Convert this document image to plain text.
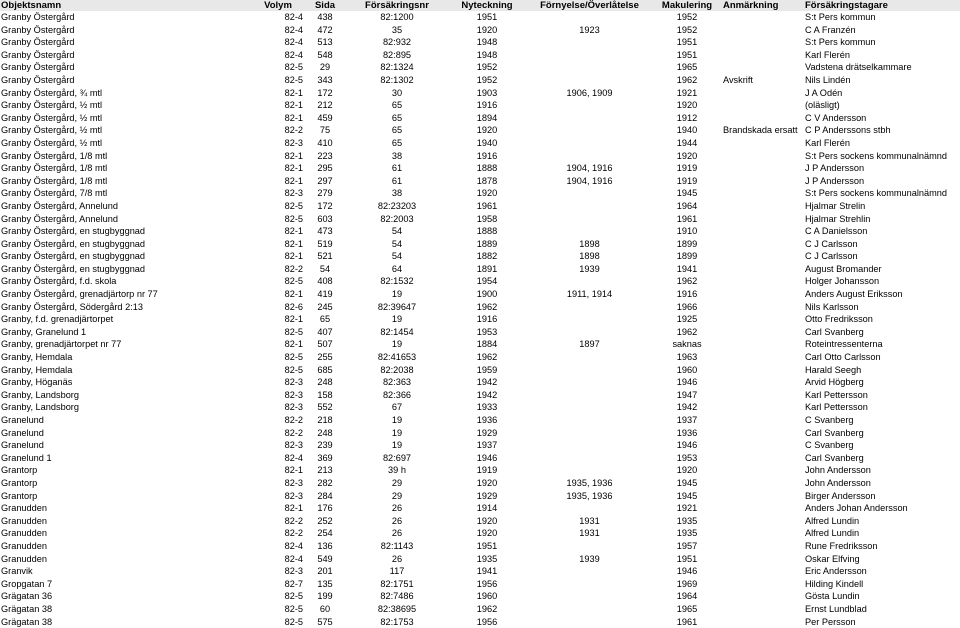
Objektsnamn	Volym	Sida	Försäkringsnr	Nyteckning	Förnyelse/Överlåtelse	Makulering	Anmärkning	Försäkringstagare
Granby Östergård	82-4	438	82:1200	1951		1952		S:t Pers kommun
Granby Östergård	82-4	472	35	1920	1923	1952		C A Franzén
Granby Östergård	82-4	513	82:932	1948		1951		S:t Pers kommun
Granby Östergård	82-4	548	82:895	1948		1951		Karl Flerén
Granby Östergård	82-5	29	82:1324	1952		1965		Vadstena drätselkammare
Granby Östergård	82-5	343	82:1302	1952		1962	Avskrift	Nils Lindén
Granby Östergård, ¾ mtl	82-1	172	30	1903	1906, 1909	1921		J A Odén
Granby Östergård, ½ mtl	82-1	212	65	1916		1920		(oläsligt)
Granby Östergård, ½ mtl	82-1	459	65	1894		1912		C V Andersson
Granby Östergård, ½ mtl	82-2	75	65	1920		1940	Brandskada ersatt	C P Anderssons stbh
Granby Östergård, ½ mtl	82-3	410	65	1940		1944		Karl Flerén
Granby Östergård, 1/8 mtl	82-1	223	38	1916		1920		S:t Pers sockens kommunalnämnd
Granby Östergård, 1/8 mtl	82-1	295	61	1888	1904, 1916	1919		J P Andersson
Granby Östergård, 1/8 mtl	82-1	297	61	1878	1904, 1916	1919		J P Andersson
Granby Östergård, 7/8 mtl	82-3	279	38	1920		1945		S:t Pers sockens kommunalnämnd
Granby Östergård, Annelund	82-5	172	82:23203	1961		1964		Hjalmar Strelin
Granby Östergård, Annelund	82-5	603	82:2003	1958		1961		Hjalmar Strehlin
Granby Östergård, en stugbyggnad	82-1	473	54	1888		1910		C A Danielsson
Granby Östergård, en stugbyggnad	82-1	519	54	1889	1898	1899		C J Carlsson
Granby Östergård, en stugbyggnad	82-1	521	54	1882	1898	1899		C J Carlsson
Granby Östergård, en stugbyggnad	82-2	54	64	1891	1939	1941		August Bromander
Granby Östergård, f.d. skola	82-5	408	82:1532	1954		1962		Holger Johansson
Granby Östergård, grenadjärtorp nr 77	82-1	419	19	1900	1911, 1914	1916		Anders August Eriksson
Granby Östergård, Södergård 2:13	82-6	245	82:39647	1962		1966		Nils Karlsson
Granby, f.d. grenadjärtorpet	82-1	65	19	1916		1925		Otto Fredriksson
Granby, Granelund 1	82-5	407	82:1454	1953		1962		Carl Svanberg
Granby, grenadjärtorpet nr 77	82-1	507	19	1884	1897	saknas		Roteintressenterna
Granby, Hemdala	82-5	255	82:41653	1962		1963		Carl Otto Carlsson
Granby, Hemdala	82-5	685	82:2038	1959		1960		Harald Seegh
Granby, Höganäs	82-3	248	82:363	1942		1946		Arvid Högberg
Granby, Landsborg	82-3	158	82:366	1942		1947		Karl Pettersson
Granby, Landsborg	82-3	552	67	1933		1942		Karl Pettersson
Granelund	82-2	218	19	1936		1937		C Svanberg
Granelund	82-2	248	19	1929		1936		Carl Svanberg
Granelund	82-3	239	19	1937		1946		C Svanberg
Granelund 1	82-4	369	82:697	1946		1953		Carl Svanberg
Grantorp	82-1	213	39 h	1919		1920		John Andersson
Grantorp	82-3	282	29	1920	1935, 1936	1945		John Andersson
Grantorp	82-3	284	29	1929	1935, 1936	1945		Birger Andersson
Granudden	82-1	176	26	1914		1921		Anders Johan Andersson
Granudden	82-2	252	26	1920	1931	1935		Alfred Lundin
Granudden	82-2	254	26	1920	1931	1935		Alfred Lundin
Granudden	82-4	136	82:1143	1951		1957		Rune Fredriksson
Granudden	82-4	549	26	1935	1939	1951		Oskar Elfving
Granvik	82-3	201	117	1941		1946		Eric Andersson
Gropgatan 7	82-7	135	82:1751	1956		1969		Hilding Kindell
Grägatan 36	82-5	199	82:7486	1960		1964		Gösta Lundin
Grägatan 38	82-5	60	82:38695	1962		1965		Ernst Lundblad
Grägatan 38	82-5	575	82:1753	1956		1961		Per Persson
